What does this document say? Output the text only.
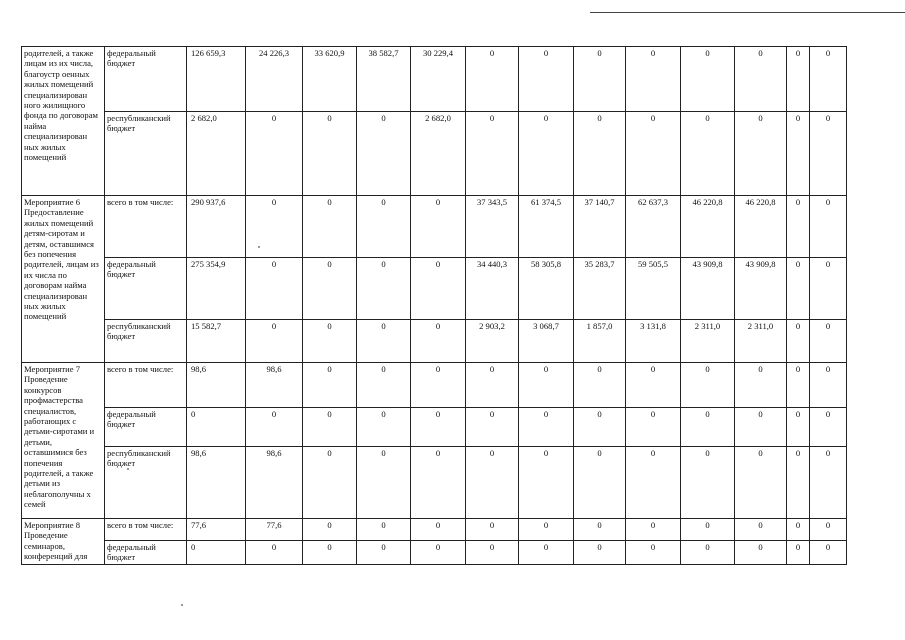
родителей, а также лицам из их числа, благоустр оенных жилых помещений специализирован ного жилищного фонда по договорам найма специализирован ных жилых помещений	федеральный бюджет	126 659,3	24 226,3	33 620,9	38 582,7	30 229,4	0	0	0	0	0	0	0	0
	республиканский бюджет	2 682,0	0	0	0	2 682,0	0	0	0	0	0	0	0	0
Мероприятие 6 Предоставление жилых помещений детям-сиротам и детям, оставшимся без попечения родителей, лицам из их числа по договорам найма специализирован ных жилых помещений	всего в том числе:	290 937,6	0	0	0	0	37 343,5	61 374,5	37 140,7	62 637,3	46 220,8	46 220,8	0	0
	федеральный бюджет	275 354,9	0	0	0	0	34 440,3	58 305,8	35 283,7	59 505,5	43 909,8	43 909,8	0	0
	республиканский бюджет	15 582,7	0	0	0	0	2 903,2	3 068,7	1 857,0	3 131,8	2 311,0	2 311,0	0	0
Мероприятие 7 Проведение конкурсов профмастерства специалистов, работающих с детьми-сиротами и детьми, оставшимися без попечения родителей, а также детьми из неблагополучны х семей	всего в том числе:	98,6	98,6	0	0	0	0	0	0	0	0	0	0	0
	федеральный бюджет	0	0	0	0	0	0	0	0	0	0	0	0	0
	республиканский бюджет	98,6	98,6	0	0	0	0	0	0	0	0	0	0	0
Мероприятие 8 Проведение семинаров, конференций для	всего в том числе:	77,6	77,6	0	0	0	0	0	0	0	0	0	0	0
	федеральный бюджет	0	0	0	0	0	0	0	0	0	0	0	0	0
